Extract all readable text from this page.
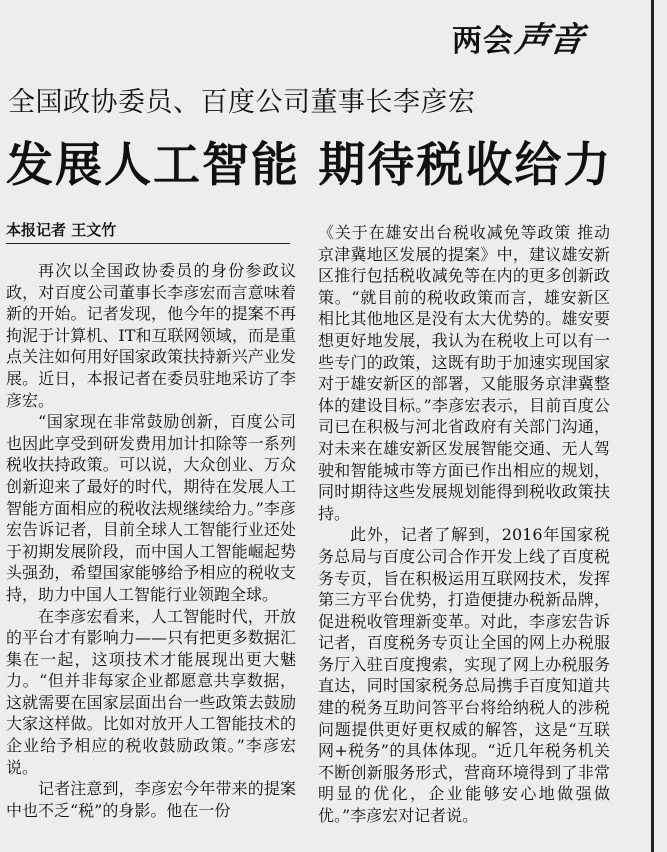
两会
声音
全国政协委员、百度公司董事长李彦宏
发展人工智能 期待税收给力
本报记者 王文竹

再次以全国政协委员的身份参政议政，对百度公司董事长李彦宏而言意味着新的开始。记者发现，他今年的提案不再拘泥于计算机、IT和互联网领域，而是重点关注如何用好国家政策扶持新兴产业发展。近日，本报记者在委员驻地采访了李彦宏。

“国家现在非常鼓励创新，百度公司也因此享受到研发费用加计扣除等一系列税收扶持政策。可以说，大众创业、万众创新迎来了最好的时代，期待在发展人工智能方面相应的税收法规继续给力。”李彦宏告诉记者，目前全球人工智能行业还处于初期发展阶段，而中国人工智能崛起势头强劲，希望国家能够给予相应的税收支持，助力中国人工智能行业领跑全球。

在李彦宏看来，人工智能时代，开放的平台才有影响力——只有把更多数据汇集在一起，这项技术才能展现出更大魅力。“但并非每家企业都愿意共享数据，这就需要在国家层面出台一些政策去鼓励大家这样做。比如对放开人工智能技术的企业给予相应的税收鼓励政策。”李彦宏说。

记者注意到，李彦宏今年带来的提案中也不乏“税”的身影。他在一份

《关于在雄安出台税收减免等政策 推动京津冀地区发展的提案》中，建议雄安新区推行包括税收减免等在内的更多创新政策。“就目前的税收政策而言，雄安新区相比其他地区是没有太大优势的。雄安要想更好地发展，我认为在税收上可以有一些专门的政策，这既有助于加速实现国家对于雄安新区的部署，又能服务京津冀整体的建设目标。”李彦宏表示，目前百度公司已在积极与河北省政府有关部门沟通，对未来在雄安新区发展智能交通、无人驾驶和智能城市等方面已作出相应的规划，同时期待这些发展规划能得到税收政策扶持。

此外，记者了解到，2016年国家税务总局与百度公司合作开发上线了百度税务专页，旨在积极运用互联网技术，发挥第三方平台优势，打造便捷办税新品牌，促进税收管理新变革。对此，李彦宏告诉记者，百度税务专页让全国的网上办税服务厅入驻百度搜索，实现了网上办税服务直达，同时国家税务总局携手百度知道共建的税务互助问答平台将给纳税人的涉税问题提供更好更权威的解答，这是“互联网+税务”的具体体现。“近几年税务机关不断创新服务形式，营商环境得到了非常明显的优化，企业能够安心地做强做优。”李彦宏对记者说。
